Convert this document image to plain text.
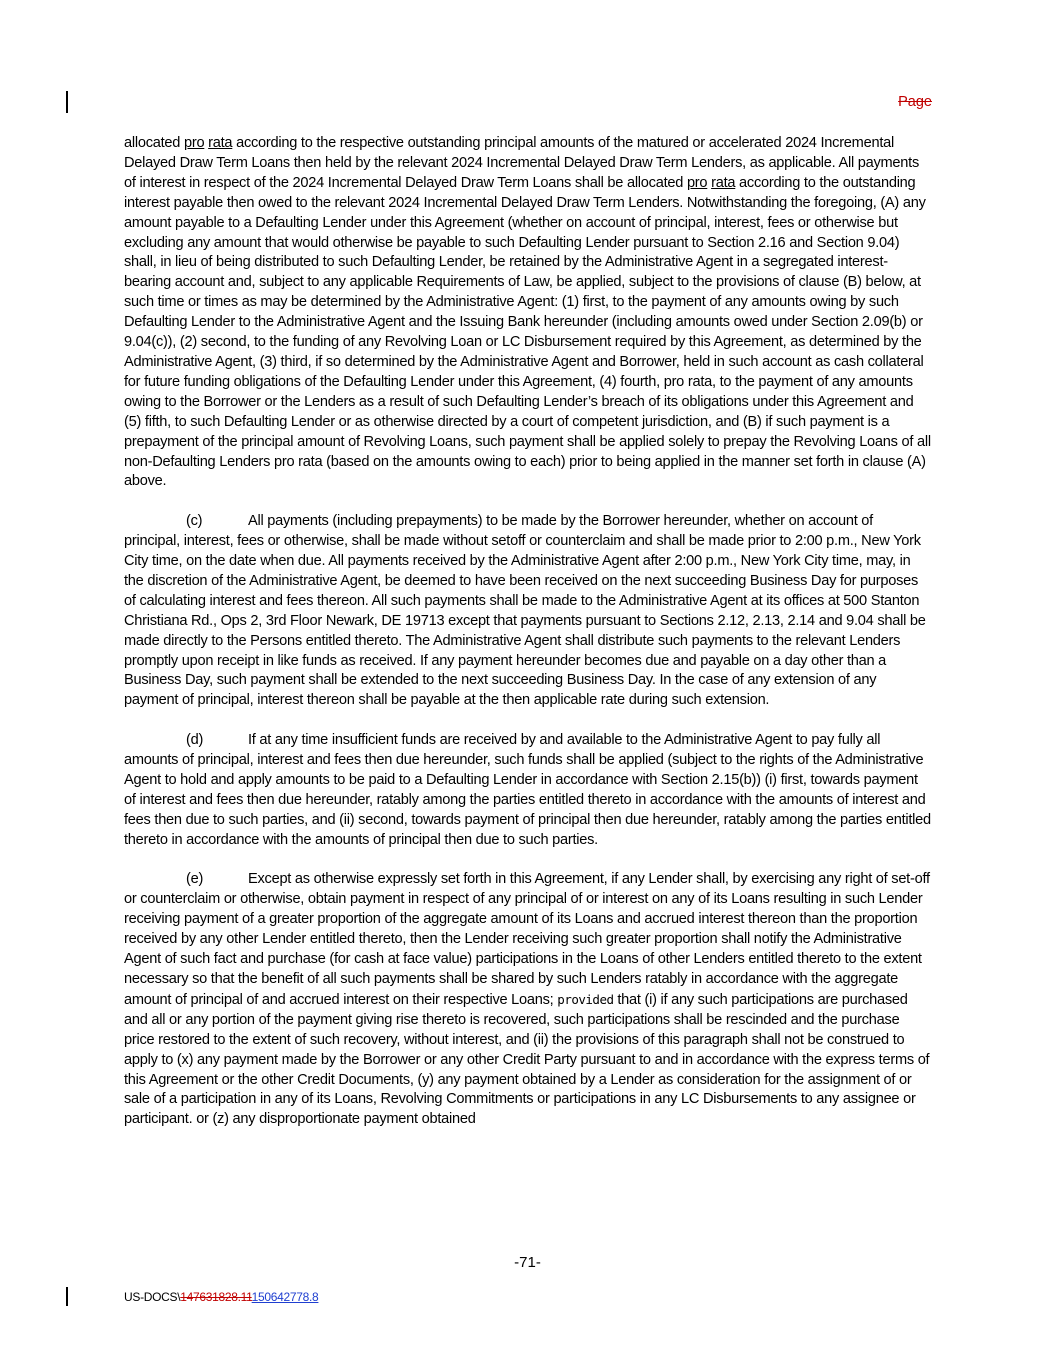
Page

allocated pro rata according to the respective outstanding principal amounts of the matured or accelerated 2024 Incremental Delayed Draw Term Loans then held by the relevant 2024 Incremental Delayed Draw Term Lenders, as applicable. All payments of interest in respect of the 2024 Incremental Delayed Draw Term Loans shall be allocated pro rata according to the outstanding interest payable then owed to the relevant 2024 Incremental Delayed Draw Term Lenders. Notwithstanding the foregoing, (A) any amount payable to a Defaulting Lender under this Agreement (whether on account of principal, interest, fees or otherwise but excluding any amount that would otherwise be payable to such Defaulting Lender pursuant to Section 2.16 and Section 9.04) shall, in lieu of being distributed to such Defaulting Lender, be retained by the Administrative Agent in a segregated interest-bearing account and, subject to any applicable Requirements of Law, be applied, subject to the provisions of clause (B) below, at such time or times as may be determined by the Administrative Agent: (1) first, to the payment of any amounts owing by such Defaulting Lender to the Administrative Agent and the Issuing Bank hereunder (including amounts owed under Section 2.09(b) or 9.04(c)), (2) second, to the funding of any Revolving Loan or LC Disbursement required by this Agreement, as determined by the Administrative Agent, (3) third, if so determined by the Administrative Agent and Borrower, held in such account as cash collateral for future funding obligations of the Defaulting Lender under this Agreement, (4) fourth, pro rata, to the payment of any amounts owing to the Borrower or the Lenders as a result of such Defaulting Lender’s breach of its obligations under this Agreement and (5) fifth, to such Defaulting Lender or as otherwise directed by a court of competent jurisdiction, and (B) if such payment is a prepayment of the principal amount of Revolving Loans, such payment shall be applied solely to prepay the Revolving Loans of all non-Defaulting Lenders pro rata (based on the amounts owing to each) prior to being applied in the manner set forth in clause (A) above.

(c)	All payments (including prepayments) to be made by the Borrower hereunder, whether on account of principal, interest, fees or otherwise, shall be made without setoff or counterclaim and shall be made prior to 2:00 p.m., New York City time, on the date when due. All payments received by the Administrative Agent after 2:00 p.m., New York City time, may, in the discretion of the Administrative Agent, be deemed to have been received on the next succeeding Business Day for purposes of calculating interest and fees thereon. All such payments shall be made to the Administrative Agent at its offices at 500 Stanton Christiana Rd., Ops 2, 3rd Floor Newark, DE 19713 except that payments pursuant to Sections 2.12, 2.13, 2.14 and 9.04 shall be made directly to the Persons entitled thereto. The Administrative Agent shall distribute such payments to the relevant Lenders promptly upon receipt in like funds as received. If any payment hereunder becomes due and payable on a day other than a Business Day, such payment shall be extended to the next succeeding Business Day. In the case of any extension of any payment of principal, interest thereon shall be payable at the then applicable rate during such extension.

(d)	If at any time insufficient funds are received by and available to the Administrative Agent to pay fully all amounts of principal, interest and fees then due hereunder, such funds shall be applied (subject to the rights of the Administrative Agent to hold and apply amounts to be paid to a Defaulting Lender in accordance with Section 2.15(b)) (i) first, towards payment of interest and fees then due hereunder, ratably among the parties entitled thereto in accordance with the amounts of interest and fees then due to such parties, and (ii) second, towards payment of principal then due hereunder, ratably among the parties entitled thereto in accordance with the amounts of principal then due to such parties.

(e)	Except as otherwise expressly set forth in this Agreement, if any Lender shall, by exercising any right of set-off or counterclaim or otherwise, obtain payment in respect of any principal of or interest on any of its Loans resulting in such Lender receiving payment of a greater proportion of the aggregate amount of its Loans and accrued interest thereon than the proportion received by any other Lender entitled thereto, then the Lender receiving such greater proportion shall notify the Administrative Agent of such fact and purchase (for cash at face value) participations in the Loans of other Lenders entitled thereto to the extent necessary so that the benefit of all such payments shall be shared by such Lenders ratably in accordance with the aggregate amount of principal of and accrued interest on their respective Loans; provided that (i) if any such participations are purchased and all or any portion of the payment giving rise thereto is recovered, such participations shall be rescinded and the purchase price restored to the extent of such recovery, without interest, and (ii) the provisions of this paragraph shall not be construed to apply to (x) any payment made by the Borrower or any other Credit Party pursuant to and in accordance with the express terms of this Agreement or the other Credit Documents, (y) any payment obtained by a Lender as consideration for the assignment of or sale of a participation in any of its Loans, Revolving Commitments or participations in any LC Disbursements to any assignee or participant. or (z) any disproportionate payment obtained

-71-
US-DOCS\147631828.11150642778.8
